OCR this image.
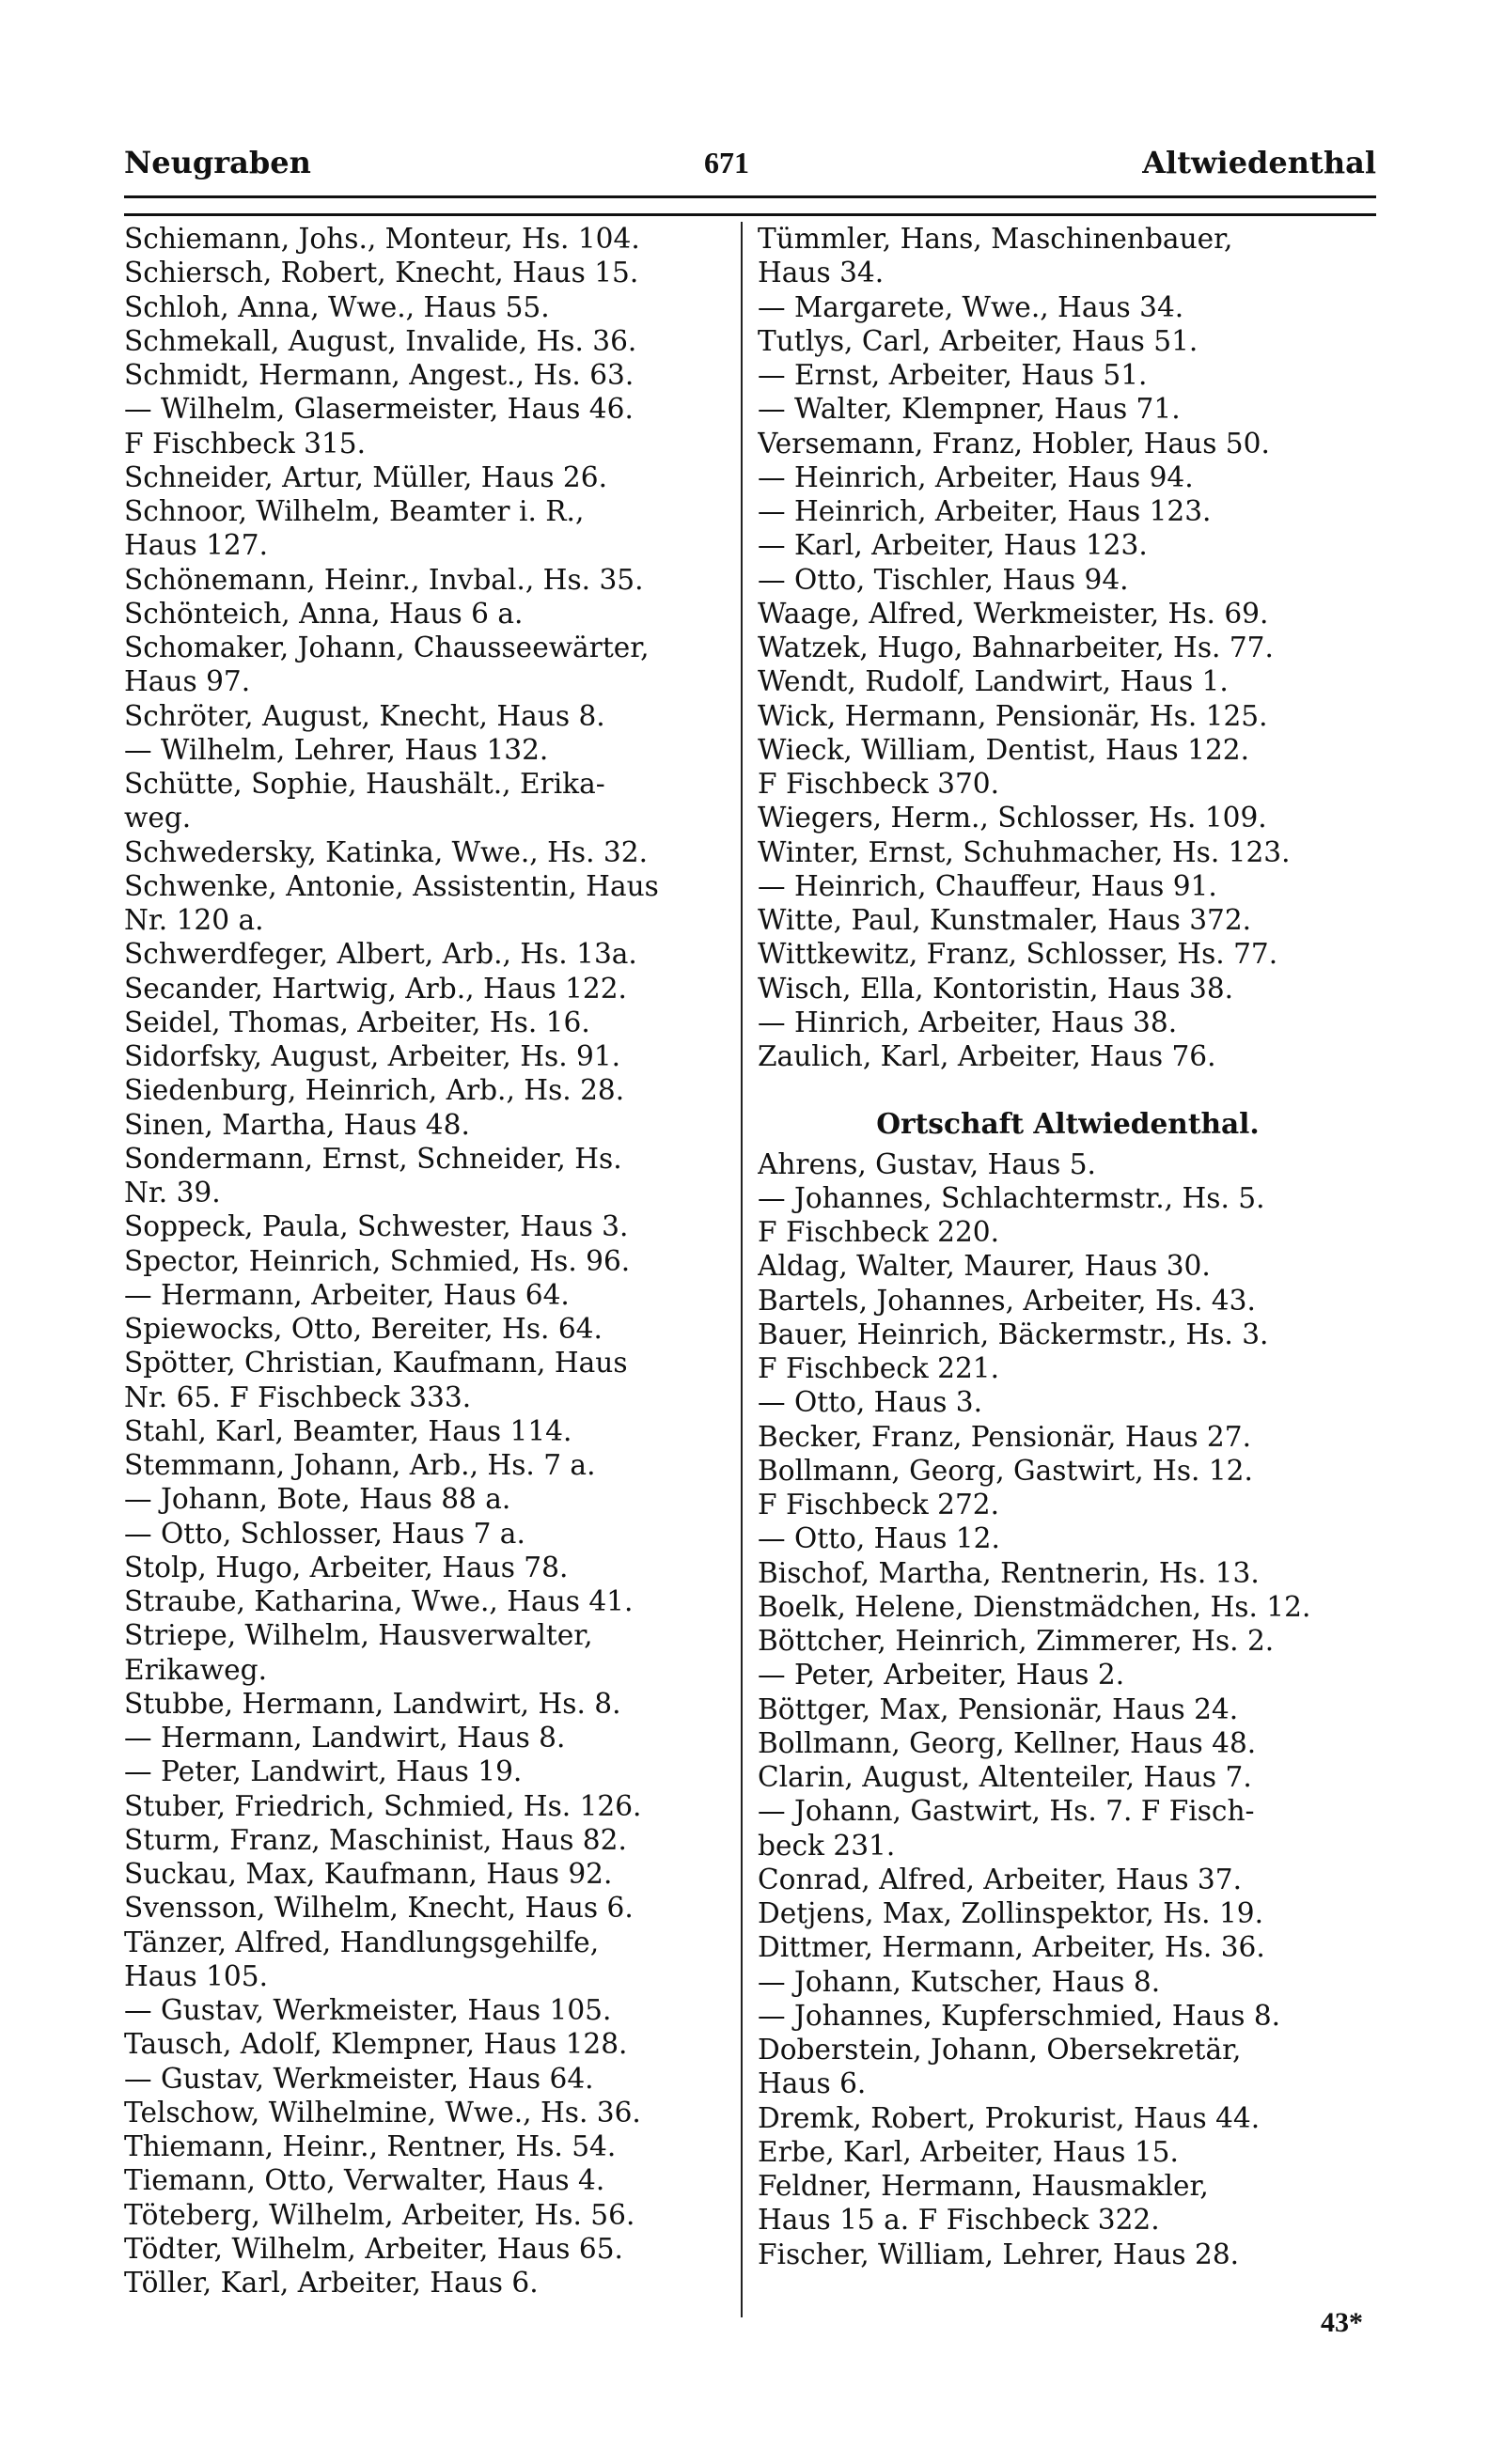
Neugraben	671	Altwiedenthal
Schiemann, Johs., Monteur, Hs. 104.
Schiersch, Robert, Knecht, Haus 15.
Schloh, Anna, Wwe., Haus 55.
Schmekall, August, Invalide, Hs. 36.
Schmidt, Hermann, Angest., Hs. 63.
— Wilhelm, Glasermeister, Haus 46.
F Fischbeck 315.
Schneider, Artur, Müller, Haus 26.
Schnoor, Wilhelm, Beamter i. R.,
Haus 127.
Schönemann, Heinr., Invbal., Hs. 35.
Schönteich, Anna, Haus 6 a.
Schomaker, Johann, Chausseewärter,
Haus 97.
Schröter, August, Knecht, Haus 8.
— Wilhelm, Lehrer, Haus 132.
Schütte, Sophie, Haushält., Erika-
weg.
Schwedersky, Katinka, Wwe., Hs. 32.
Schwenke, Antonie, Assistentin, Haus
Nr. 120 a.
Schwerdfeger, Albert, Arb., Hs. 13a.
Secander, Hartwig, Arb., Haus 122.
Seidel, Thomas, Arbeiter, Hs. 16.
Sidorfsky, August, Arbeiter, Hs. 91.
Siedenburg, Heinrich, Arb., Hs. 28.
Sinen, Martha, Haus 48.
Sondermann, Ernst, Schneider, Hs.
Nr. 39.
Soppeck, Paula, Schwester, Haus 3.
Spector, Heinrich, Schmied, Hs. 96.
— Hermann, Arbeiter, Haus 64.
Spiewocks, Otto, Bereiter, Hs. 64.
Spötter, Christian, Kaufmann, Haus
Nr. 65. F Fischbeck 333.
Stahl, Karl, Beamter, Haus 114.
Stemmann, Johann, Arb., Hs. 7 a.
— Johann, Bote, Haus 88 a.
— Otto, Schlosser, Haus 7 a.
Stolp, Hugo, Arbeiter, Haus 78.
Straube, Katharina, Wwe., Haus 41.
Striepe, Wilhelm, Hausverwalter,
Erikaweg.
Stubbe, Hermann, Landwirt, Hs. 8.
— Hermann, Landwirt, Haus 8.
— Peter, Landwirt, Haus 19.
Stuber, Friedrich, Schmied, Hs. 126.
Sturm, Franz, Maschinist, Haus 82.
Suckau, Max, Kaufmann, Haus 92.
Svensson, Wilhelm, Knecht, Haus 6.
Tänzer, Alfred, Handlungsgehilfe,
Haus 105.
— Gustav, Werkmeister, Haus 105.
Tausch, Adolf, Klempner, Haus 128.
— Gustav, Werkmeister, Haus 64.
Telschow, Wilhelmine, Wwe., Hs. 36.
Thiemann, Heinr., Rentner, Hs. 54.
Tiemann, Otto, Verwalter, Haus 4.
Töteberg, Wilhelm, Arbeiter, Hs. 56.
Tödter, Wilhelm, Arbeiter, Haus 65.
Töller, Karl, Arbeiter, Haus 6.
Tümmler, Hans, Maschinenbauer,
Haus 34.
— Margarete, Wwe., Haus 34.
Tutlys, Carl, Arbeiter, Haus 51.
— Ernst, Arbeiter, Haus 51.
— Walter, Klempner, Haus 71.
Versemann, Franz, Hobler, Haus 50.
— Heinrich, Arbeiter, Haus 94.
— Heinrich, Arbeiter, Haus 123.
— Karl, Arbeiter, Haus 123.
— Otto, Tischler, Haus 94.
Waage, Alfred, Werkmeister, Hs. 69.
Watzek, Hugo, Bahnarbeiter, Hs. 77.
Wendt, Rudolf, Landwirt, Haus 1.
Wick, Hermann, Pensionär, Hs. 125.
Wieck, William, Dentist, Haus 122.
F Fischbeck 370.
Wiegers, Herm., Schlosser, Hs. 109.
Winter, Ernst, Schuhmacher, Hs. 123.
— Heinrich, Chauffeur, Haus 91.
Witte, Paul, Kunstmaler, Haus 372.
Wittkewitz, Franz, Schlosser, Hs. 77.
Wisch, Ella, Kontoristin, Haus 38.
— Hinrich, Arbeiter, Haus 38.
Zaulich, Karl, Arbeiter, Haus 76.
Ortschaft Altwiedenthal.
Ahrens, Gustav, Haus 5.
— Johannes, Schlachtermstr., Hs. 5.
F Fischbeck 220.
Aldag, Walter, Maurer, Haus 30.
Bartels, Johannes, Arbeiter, Hs. 43.
Bauer, Heinrich, Bäckermstr., Hs. 3.
F Fischbeck 221.
— Otto, Haus 3.
Becker, Franz, Pensionär, Haus 27.
Bollmann, Georg, Gastwirt, Hs. 12.
F Fischbeck 272.
— Otto, Haus 12.
Bischof, Martha, Rentnerin, Hs. 13.
Boelk, Helene, Dienstmädchen, Hs. 12.
Böttcher, Heinrich, Zimmerer, Hs. 2.
— Peter, Arbeiter, Haus 2.
Böttger, Max, Pensionär, Haus 24.
Bollmann, Georg, Kellner, Haus 48.
Clarin, August, Altenteiler, Haus 7.
— Johann, Gastwirt, Hs. 7. F Fisch-
beck 231.
Conrad, Alfred, Arbeiter, Haus 37.
Detjens, Max, Zollinspektor, Hs. 19.
Dittmer, Hermann, Arbeiter, Hs. 36.
— Johann, Kutscher, Haus 8.
— Johannes, Kupferschmied, Haus 8.
Doberstein, Johann, Obersekretär,
Haus 6.
Dremk, Robert, Prokurist, Haus 44.
Erbe, Karl, Arbeiter, Haus 15.
Feldner, Hermann, Hausmakler,
Haus 15 a. F Fischbeck 322.
Fischer, William, Lehrer, Haus 28.
43*
